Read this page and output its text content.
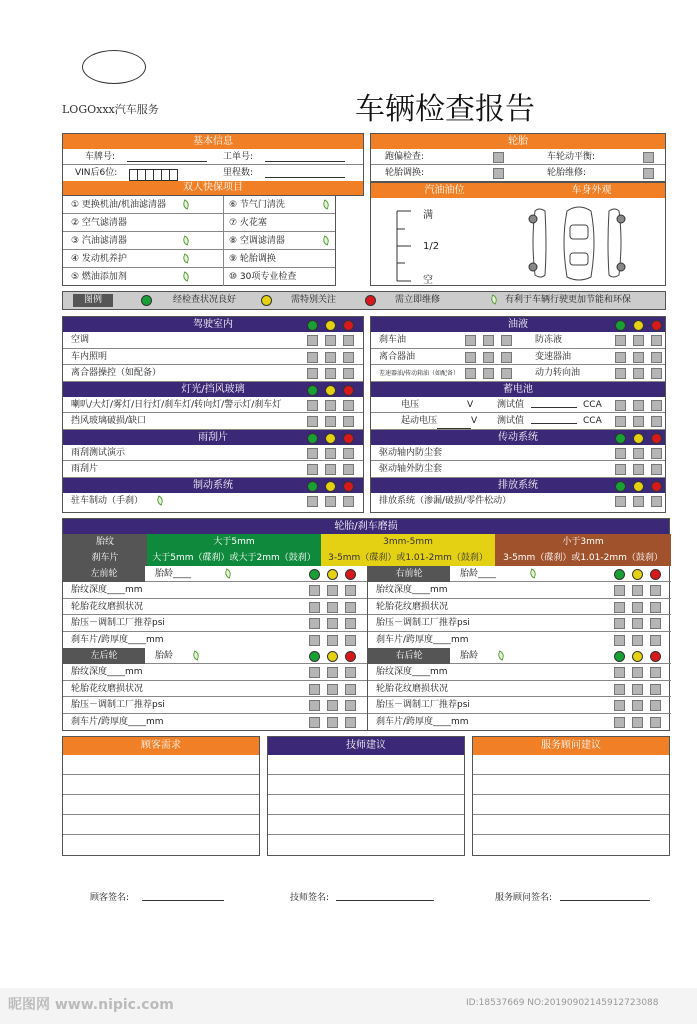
LOGOxxx汽车服务	车辆检查报告
基本信息
车牌号:	工单号:
VIN后6位:	里程数:
双人快保项目
① 更换机油/机油滤清器	⑥ 节气门清洗
② 空气滤清器	⑦ 火花塞
③ 汽油滤清器	⑧ 空调滤清器
④ 发动机养护	⑨ 轮胎调换
⑤ 燃油添加剂	⑩ 30项专业检查
轮胎
跑偏检查:	车轮动平衡:
轮胎调换:	轮胎维修:
汽油油位	车身外观
满
1/2
空
图例	经检查状况良好	需特别关注	需立即维修	有利于车辆行驶更加节能和环保
驾驶室内
空调
车内照明
离合器操控（如配备）
灯光/挡风玻璃
喇叭/大灯/雾灯/日行灯/刹车灯/转向灯/警示灯/刹车灯
挡风玻璃破损/缺口
雨刮片
雨刮测试演示
雨刮片
制动系统
驻车制动（手刹）
油液
刹车油	防冻液
离合器油	变速器油
差速器油/传动箱油（如配备）	动力转向油
蓄电池
电压	V	测试值	CCA
起动电压	V 测试值	CCA
传动系统
驱动轴内防尘套
驱动轴外防尘套
排放系统
排放系统（渗漏/破损/零件松动）
轮胎/刹车磨损
胎纹	大于5mm	3mm-5mm	小于3mm
刹车片	大于5mm（碟刹）或大于2mm（鼓刹）	3-5mm（碟刹）或1.01-2mm（鼓刹）	3-5mm（碟刹）或1.01-2mm（鼓刹）
左前轮	胎龄____
胎纹深度____mm
轮胎花纹磨损状况
胎压－调制工厂推荐psi
刹车片/跨厚度____mm
右前轮	胎龄____
胎纹深度____mm
轮胎花纹磨损状况
胎压－调制工厂推荐psi
刹车片/跨厚度____mm
左后轮	胎龄
胎纹深度____mm
轮胎花纹磨损状况
胎压－调制工厂推荐psi
刹车片/跨厚度____mm
右后轮	胎龄
胎纹深度____mm
轮胎花纹磨损状况
胎压－调制工厂推荐psi
刹车片/跨厚度____mm
顾客需求	技师建议	服务顾问建议
顾客签名:	技师签名:	服务顾问签名:
昵图网 www.nipic.com	ID:18537669 NO:20190902145912723088
